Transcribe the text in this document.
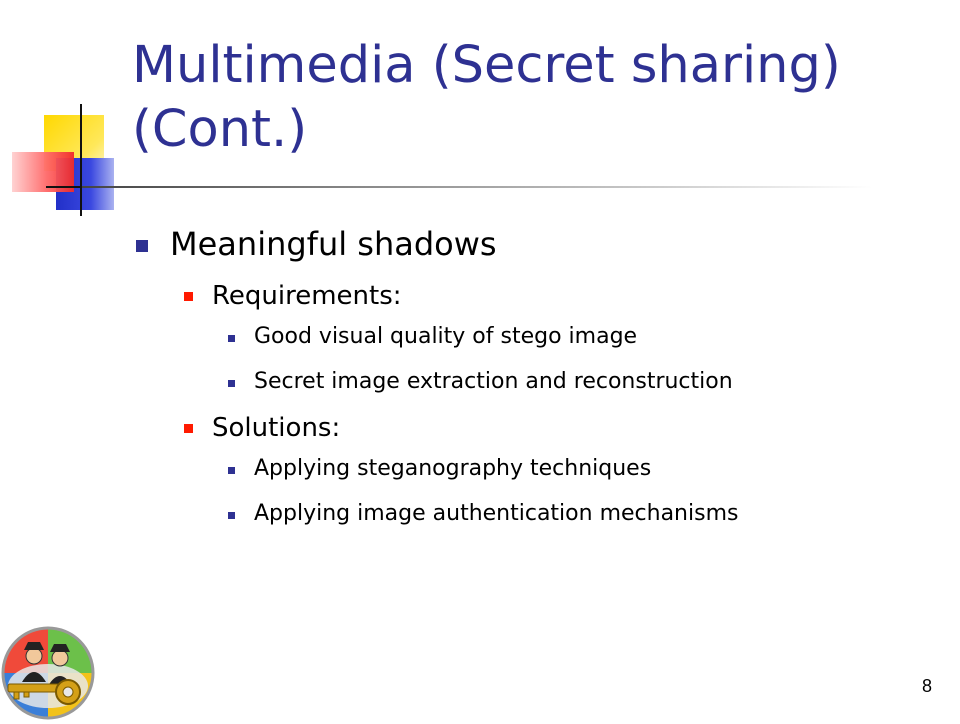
Multimedia (Secret sharing)
(Cont.)
Meaningful shadows
Requirements:
Good visual quality of stego image
Secret image extraction and reconstruction
Solutions:
Applying steganography techniques
Applying image authentication mechanisms
8
